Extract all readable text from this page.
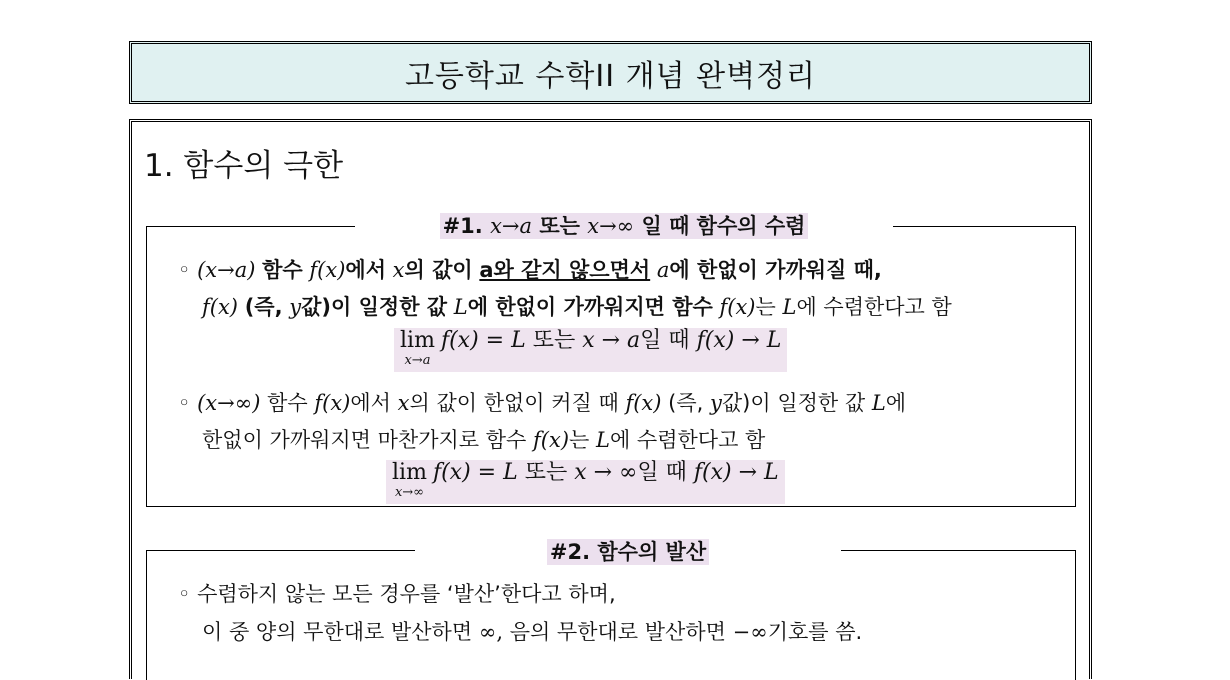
고등학교 수학II 개념 완벽정리
1. 함수의 극한
#1. x→a 또는 x→∞ 일 때 함수의 수렴
◦ (x→a) 함수 f(x)에서 x의 값이 a와 같지 않으면서 a에 한없이 가까워질 때,
f(x) (즉, y값)이 일정한 값 L에 한없이 가까워지면 함수 f(x)는 L에 수렴한다고 함
lim
x→a
f(x) = L 또는 x → a일 때 f(x) → L
◦ (x→∞) 함수 f(x)에서 x의 값이 한없이 커질 때 f(x) (즉, y값)이 일정한 값 L에
한없이 가까워지면 마찬가지로 함수 f(x)는 L에 수렴한다고 함
lim
x→∞
f(x) = L 또는 x → ∞일 때 f(x) → L
#2. 함수의 발산
◦ 수렴하지 않는 모든 경우를 ‘발산’한다고 하며,
이 중 양의 무한대로 발산하면 ∞, 음의 무한대로 발산하면 −∞기호를 씀.
